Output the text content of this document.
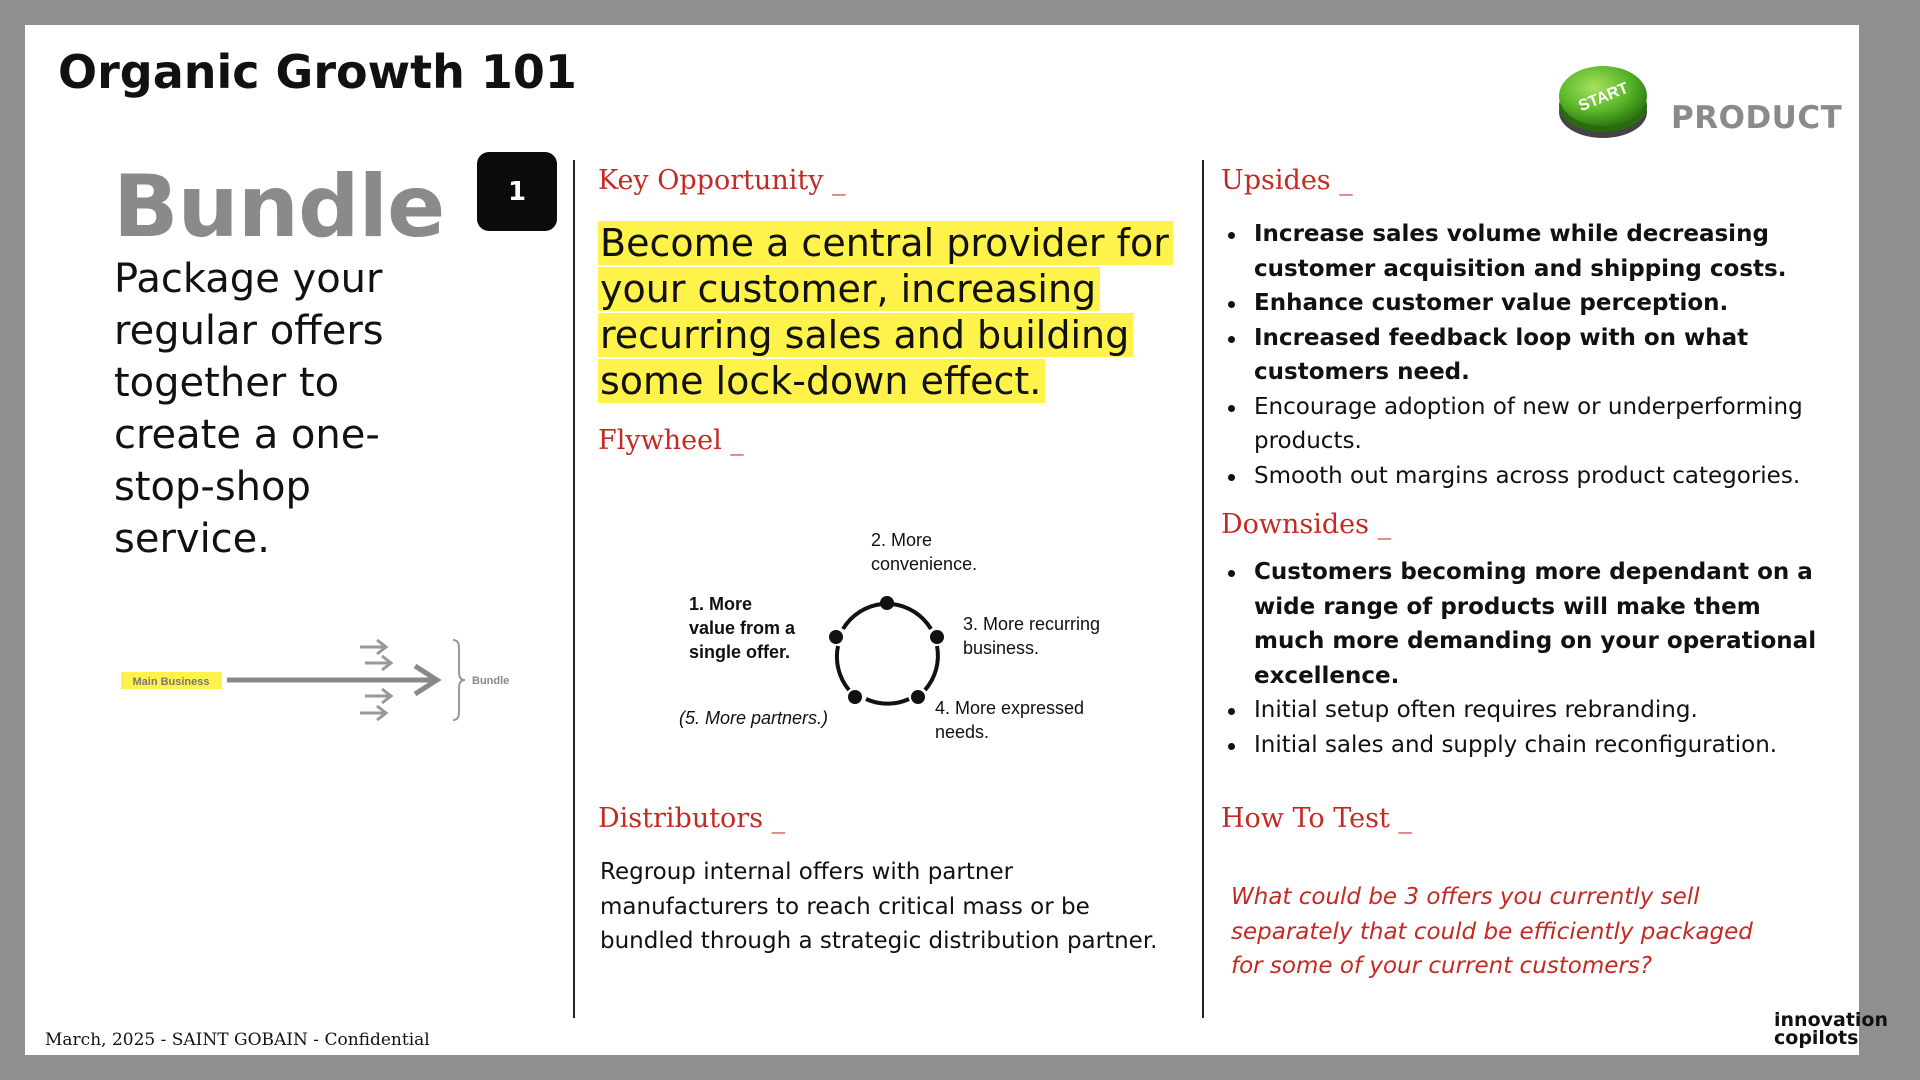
Organic Growth 101	START
PRODUCT
Bundle	1
Package your regular offers together to create a one-stop-shop service.
Main Business	Bundle
Key Opportunity _
Become a central provider for your customer, increasing recurring sales and building some lock-down effect.
Flywheel _
1. More
value from a
single offer.
2. More
convenience.
3. More recurring
business.
4. More expressed
needs.
(5. More partners.)
Distributors _
Regroup internal offers with partner manufacturers to reach critical mass or be bundled through a strategic distribution partner.
Upsides _
Increase sales volume while decreasing customer acquisition and shipping costs.
Enhance customer value perception.
Increased feedback loop with on what customers need.
Encourage adoption of new or underperforming products.
Smooth out margins across product categories.
Downsides _
Customers becoming more dependant on a wide range of products will make them much more demanding on your operational excellence.
Initial setup often requires rebranding.
Initial sales and supply chain reconfiguration.
How To Test _
What could be 3 offers you currently sell separately that could be efficiently packaged for some of your current customers?
March, 2025 - SAINT GOBAIN - Confidential
innovation
copilots
